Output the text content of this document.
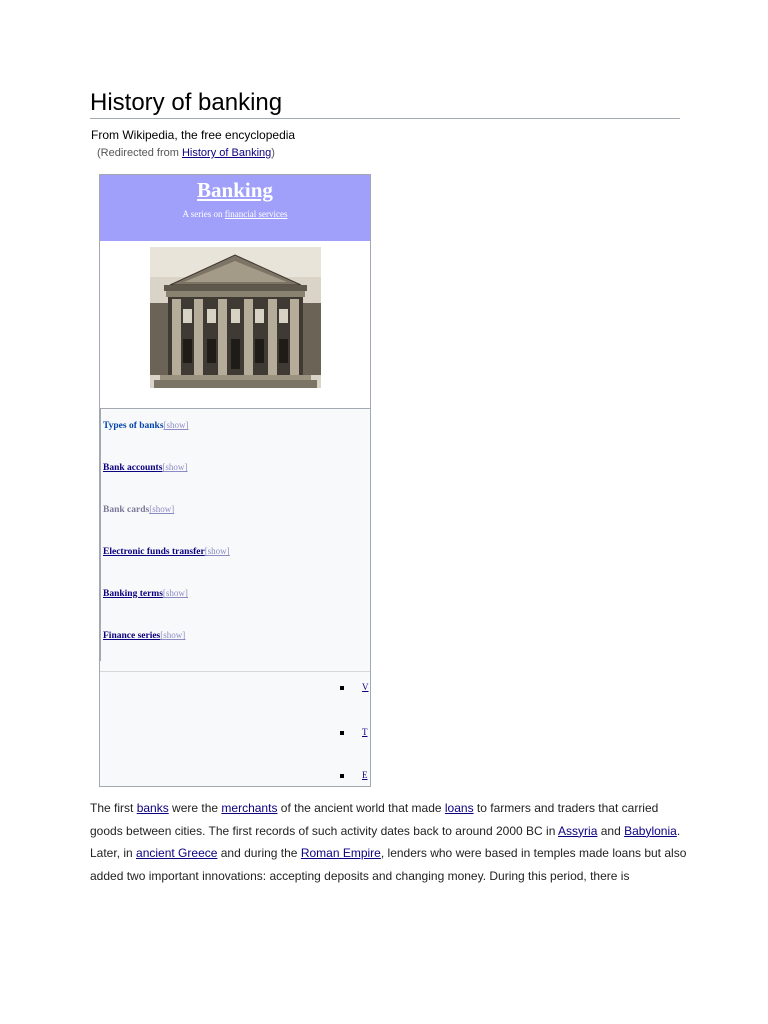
History of banking
From Wikipedia, the free encyclopedia
(Redirected from History of Banking)
Banking
A series on financial services
Types of banks[show]
Bank accounts[show]
Bank cards[show]
Electronic funds transfer[show]
Banking terms[show]
Finance series[show]
V
T
E

The first banks were the merchants of the ancient world that made loans to farmers and traders that carried goods between cities. The first records of such activity dates back to around 2000 BC in Assyria and Babylonia. Later, in ancient Greece and during the Roman Empire, lenders who were based in temples made loans but also added two important innovations: accepting deposits and changing money. During this period, there is
